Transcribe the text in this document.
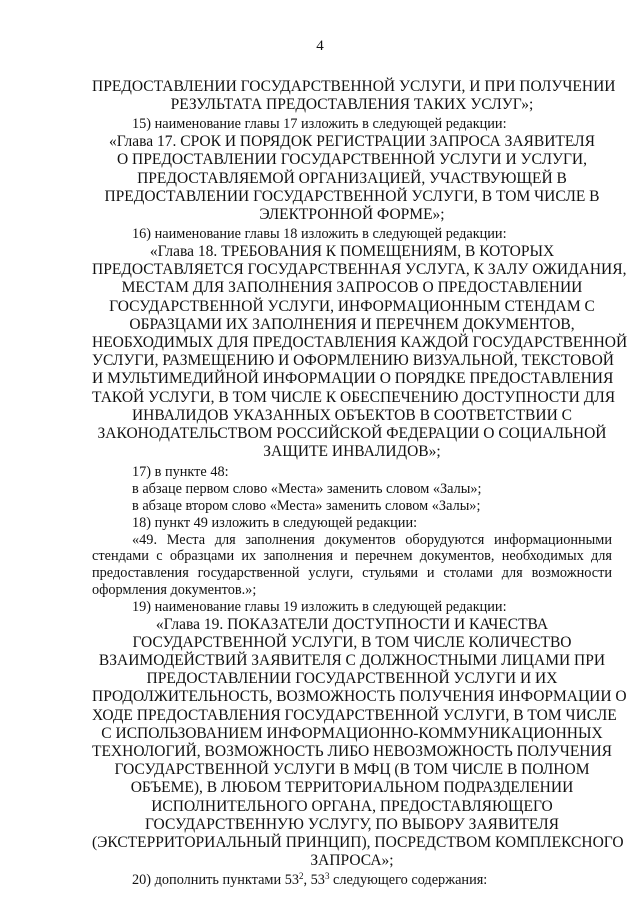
4
ПРЕДОСТАВЛЕНИИ ГОСУДАРСТВЕННОЙ УСЛУГИ, И ПРИ ПОЛУЧЕНИИ
РЕЗУЛЬТАТА ПРЕДОСТАВЛЕНИЯ ТАКИХ УСЛУГ»;
15) наименование главы 17 изложить в следующей редакции:
«Глава 17. СРОК И ПОРЯДОК РЕГИСТРАЦИИ ЗАПРОСА ЗАЯВИТЕЛЯ
О ПРЕДОСТАВЛЕНИИ ГОСУДАРСТВЕННОЙ УСЛУГИ И УСЛУГИ,
ПРЕДОСТАВЛЯЕМОЙ ОРГАНИЗАЦИЕЙ, УЧАСТВУЮЩЕЙ В
ПРЕДОСТАВЛЕНИИ ГОСУДАРСТВЕННОЙ УСЛУГИ, В ТОМ ЧИСЛЕ В
ЭЛЕКТРОННОЙ ФОРМЕ»;
16) наименование главы 18 изложить в следующей редакции:
«Глава 18. ТРЕБОВАНИЯ К ПОМЕЩЕНИЯМ, В КОТОРЫХ
ПРЕДОСТАВЛЯЕТСЯ ГОСУДАРСТВЕННАЯ УСЛУГА, К ЗАЛУ ОЖИДАНИЯ,
МЕСТАМ ДЛЯ ЗАПОЛНЕНИЯ ЗАПРОСОВ О ПРЕДОСТАВЛЕНИИ
ГОСУДАРСТВЕННОЙ УСЛУГИ, ИНФОРМАЦИОННЫМ СТЕНДАМ С
ОБРАЗЦАМИ ИХ ЗАПОЛНЕНИЯ И ПЕРЕЧНЕМ ДОКУМЕНТОВ,
НЕОБХОДИМЫХ ДЛЯ ПРЕДОСТАВЛЕНИЯ КАЖДОЙ ГОСУДАРСТВЕННОЙ
УСЛУГИ, РАЗМЕЩЕНИЮ И ОФОРМЛЕНИЮ ВИЗУАЛЬНОЙ, ТЕКСТОВОЙ
И МУЛЬТИМЕДИЙНОЙ ИНФОРМАЦИИ О ПОРЯДКЕ ПРЕДОСТАВЛЕНИЯ
ТАКОЙ УСЛУГИ, В ТОМ ЧИСЛЕ К ОБЕСПЕЧЕНИЮ ДОСТУПНОСТИ ДЛЯ
ИНВАЛИДОВ УКАЗАННЫХ ОБЪЕКТОВ В СООТВЕТСТВИИ С
ЗАКОНОДАТЕЛЬСТВОМ РОССИЙСКОЙ ФЕДЕРАЦИИ О СОЦИАЛЬНОЙ
ЗАЩИТЕ ИНВАЛИДОВ»;
17) в пункте 48:
в абзаце первом слово «Места» заменить словом «Залы»;
в абзаце втором слово «Места» заменить словом «Залы»;
18) пункт 49 изложить в следующей редакции:
«49. Места для заполнения документов оборудуются информационными стендами с образцами их заполнения и перечнем документов, необходимых для предоставления государственной услуги, стульями и столами для возможности оформления документов.»;
19) наименование главы 19 изложить в следующей редакции:
«Глава 19. ПОКАЗАТЕЛИ ДОСТУПНОСТИ И КАЧЕСТВА
ГОСУДАРСТВЕННОЙ УСЛУГИ, В ТОМ ЧИСЛЕ КОЛИЧЕСТВО
ВЗАИМОДЕЙСТВИЙ ЗАЯВИТЕЛЯ С ДОЛЖНОСТНЫМИ ЛИЦАМИ ПРИ
ПРЕДОСТАВЛЕНИИ ГОСУДАРСТВЕННОЙ УСЛУГИ И ИХ
ПРОДОЛЖИТЕЛЬНОСТЬ, ВОЗМОЖНОСТЬ ПОЛУЧЕНИЯ ИНФОРМАЦИИ О
ХОДЕ ПРЕДОСТАВЛЕНИЯ ГОСУДАРСТВЕННОЙ УСЛУГИ, В ТОМ ЧИСЛЕ
С ИСПОЛЬЗОВАНИЕМ ИНФОРМАЦИОННО-КОММУНИКАЦИОННЫХ
ТЕХНОЛОГИЙ, ВОЗМОЖНОСТЬ ЛИБО НЕВОЗМОЖНОСТЬ ПОЛУЧЕНИЯ
ГОСУДАРСТВЕННОЙ УСЛУГИ В МФЦ (В ТОМ ЧИСЛЕ В ПОЛНОМ
ОБЪЕМЕ), В ЛЮБОМ ТЕРРИТОРИАЛЬНОМ ПОДРАЗДЕЛЕНИИ
ИСПОЛНИТЕЛЬНОГО ОРГАНА, ПРЕДОСТАВЛЯЮЩЕГО
ГОСУДАРСТВЕННУЮ УСЛУГУ, ПО ВЫБОРУ ЗАЯВИТЕЛЯ
(ЭКСТЕРРИТОРИАЛЬНЫЙ ПРИНЦИП), ПОСРЕДСТВОМ КОМПЛЕКСНОГО
ЗАПРОСА»;
20) дополнить пунктами $53^2$, $53^3$ следующего содержания:
